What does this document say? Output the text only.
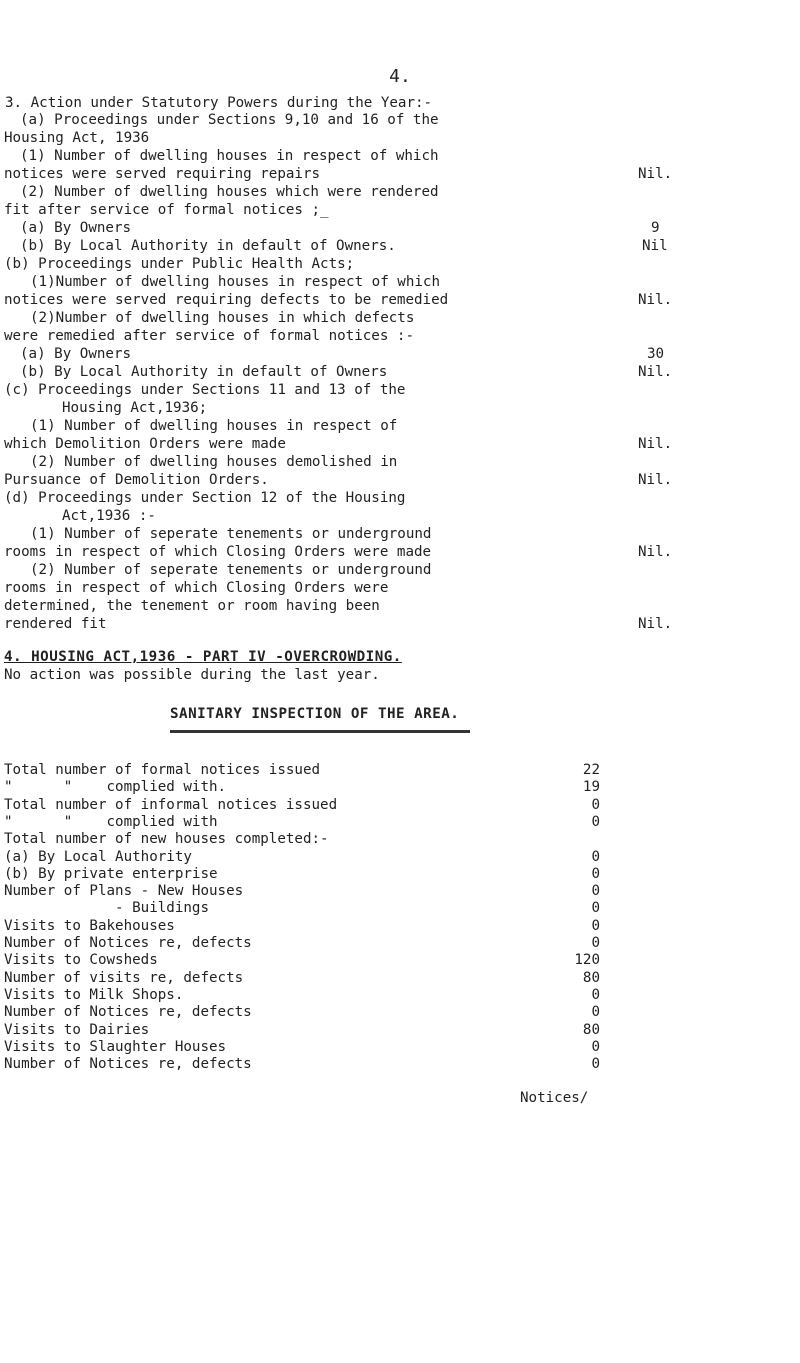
4.
3. Action under Statutory Powers during the Year:-
(a) Proceedings under Sections 9,10 and 16 of the
Housing Act, 1936
(1) Number of dwelling houses in respect of which
notices were served requiring repairs	Nil.
(2) Number of dwelling houses which were rendered
fit after service of formal notices ;_
(a) By Owners	9
(b) By Local Authority in default of Owners.	Nil
(b) Proceedings under Public Health Acts;
(1)Number of dwelling houses in respect of which
notices were served requiring defects to be remedied	Nil.
(2)Number of dwelling houses in which defects
were remedied after service of formal notices :-
(a) By Owners	30
(b) By Local Authority in default of Owners	Nil.
(c) Proceedings under Sections 11 and 13 of the
Housing Act,1936;
(1) Number of dwelling houses in respect of
which Demolition Orders were made	Nil.
(2) Number of dwelling houses demolished in
Pursuance of Demolition Orders.	Nil.
(d) Proceedings under Section 12 of the Housing
Act,1936 :-
(1) Number of seperate tenements or underground
rooms in respect of which Closing Orders were made	Nil.
(2) Number of seperate tenements or underground
rooms in respect of which Closing Orders were
determined, the tenement or room having been
rendered fit	Nil.
4. HOUSING ACT,1936 - PART IV -OVERCROWDING.
No action was possible during the last year.
SANITARY INSPECTION OF THE AREA.
Total number of formal notices issued	22
"      "    complied with.	19
Total number of informal notices issued	0
"      "    complied with	0
Total number of new houses completed:-
(a) By Local Authority	0
(b) By private enterprise	0
Number of Plans - New Houses	0
- Buildings	0
Visits to Bakehouses	0
Number of Notices re, defects	0
Visits to Cowsheds	120
Number of visits re, defects	80
Visits to Milk Shops.	0
Number of Notices re, defects	0
Visits to Dairies	80
Visits to Slaughter Houses	0
Number of Notices re, defects	0
Notices/
